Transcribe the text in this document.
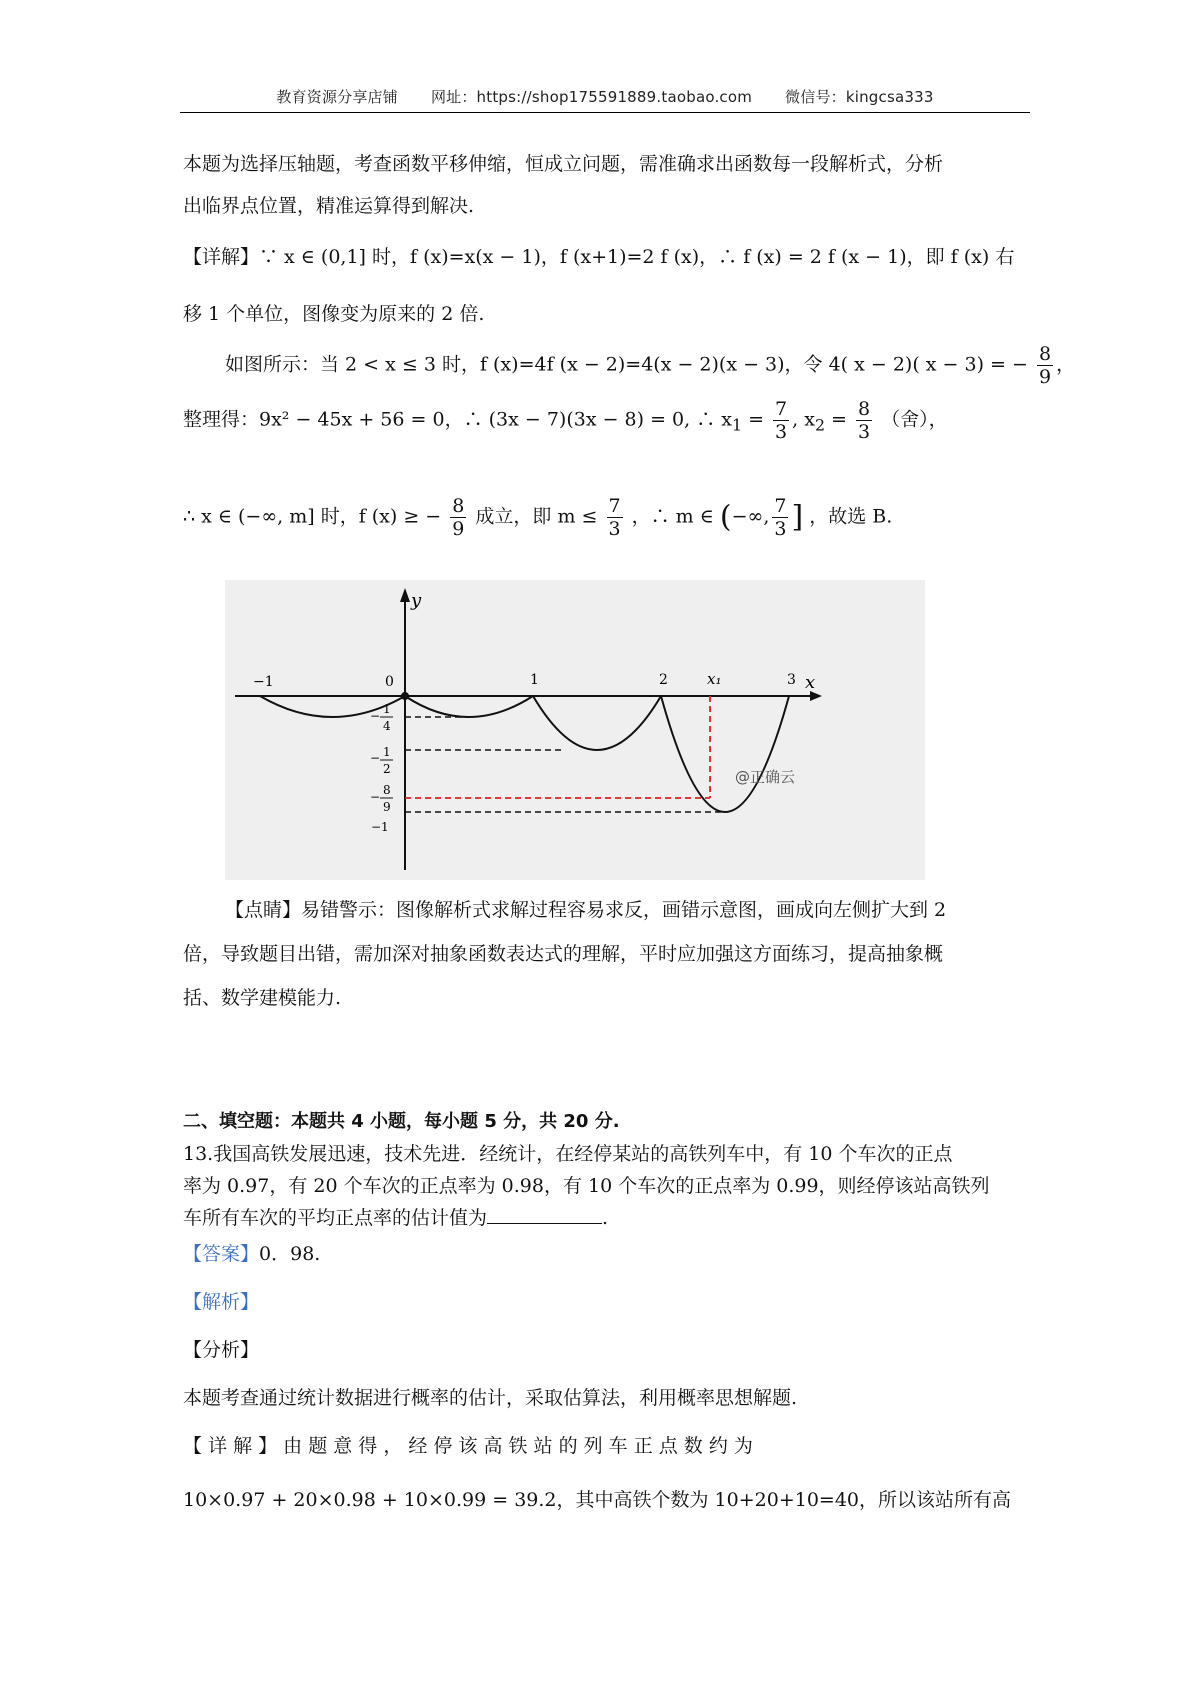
教育资源分享店铺 网址：https://shop175591889.taobao.com 微信号：kingcsa333
本题为选择压轴题，考查函数平移伸缩，恒成立问题，需准确求出函数每一段解析式，分析
出临界点位置，精准运算得到解决.
【详解】∵ x ∈ (0,1] 时，f (x)=x(x − 1)，f (x+1)=2 f (x)，∴ f (x) = 2 f (x − 1)，即 f (x) 右
移 1 个单位，图像变为原来的 2 倍.
如图所示：当 2 < x ≤ 3 时，f (x)=4f (x − 2)=4(x − 2)(x − 3)，令 4( x − 2)( x − 3) = − $\frac{8}{9}$ ，
整理得：9x² − 45x + 56 = 0，∴ (3x − 7)(3x − 8) = 0, ∴ $x_1 = \frac{7}{3}$ , $x_2 = \frac{8}{3}$ （舍），
∴ x ∈ (−∞, m] 时，f (x) ≥ − $\frac{8}{9}$ 成立，即 $m \le \frac{7}{3}$ ，∴ m ∈ (−∞, $\frac{7}{3}$ ] ，故选 B.
x
y
−1	0	1	2	x₁	3
− 1
4
− 1
2
− 8
9
−1
@正确云
【点睛】易错警示：图像解析式求解过程容易求反，画错示意图，画成向左侧扩大到 2
倍，导致题目出错，需加深对抽象函数表达式的理解，平时应加强这方面练习，提高抽象概
括、数学建模能力.
二、填空题：本题共 4 小题，每小题 5 分，共 20 分.
13.我国高铁发展迅速，技术先进．经统计，在经停某站的高铁列车中，有 10 个车次的正点
率为 0.97，有 20 个车次的正点率为 0.98，有 10 个车次的正点率为 0.99，则经停该站高铁列
车所有车次的平均正点率的估计值为	.
【答案】0．98.
【解析】
【分析】
本题考查通过统计数据进行概率的估计，采取估算法，利用概率思想解题.
【 详 解 】 由 题 意 得 ， 经 停 该 高 铁 站 的 列 车 正 点 数 约 为
10×0.97 + 20×0.98 + 10×0.99 = 39.2，其中高铁个数为 10+20+10=40，所以该站所有高
